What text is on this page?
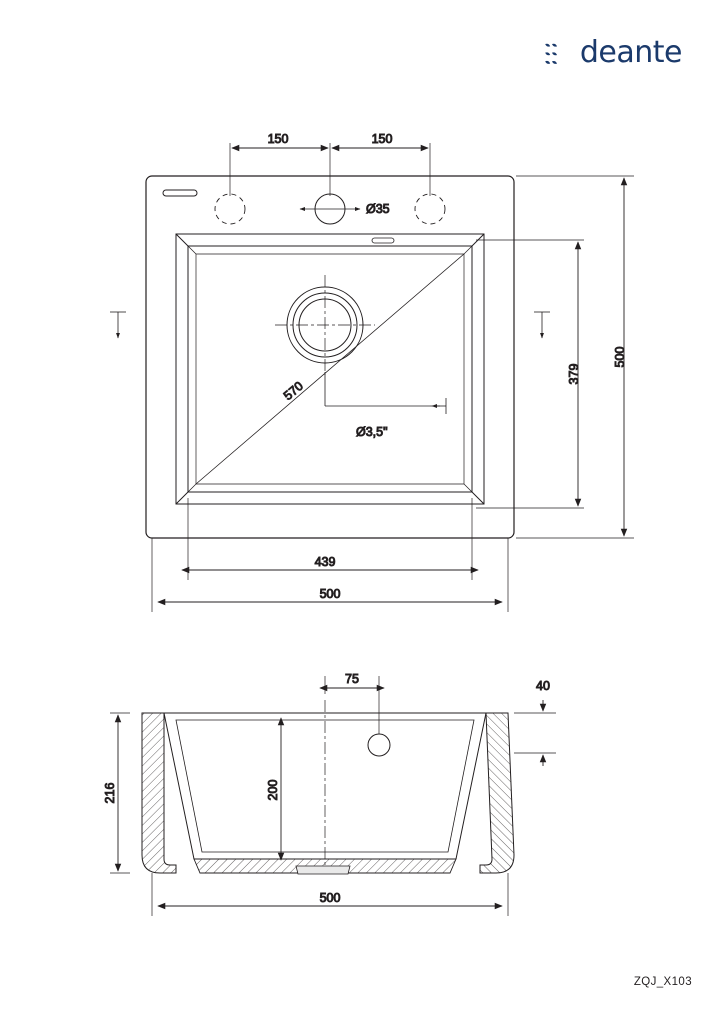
deante
150	150
Ø35
379
500
570
Ø3,5"
439
500
75	40
216	200
500
ZQJ_X103
